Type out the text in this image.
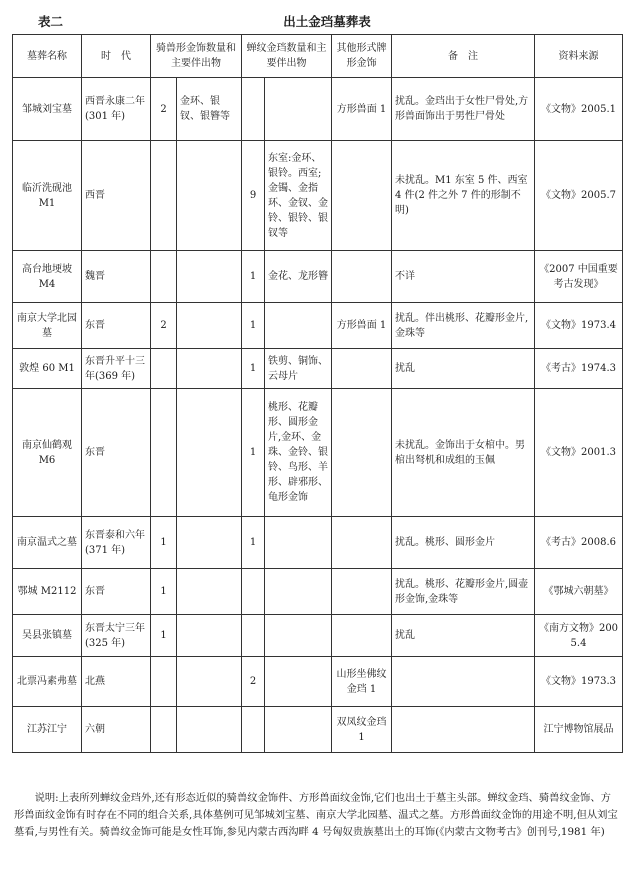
表二	出土金珰墓葬表
墓葬名称	时　代	骑兽形金饰数量和主要伴出物		蝉纹金珰数量和主要伴出物		其他形式牌形金饰	备　注	资料来源
邹城刘宝墓	西晋永康二年(301 年)	2	金环、银钗、银簪等			方形兽面 1	扰乱。金珰出于女性尸骨处,方形兽面饰出于男性尸骨处	《文物》2005.1
临沂洗砚池 M1	西晋			9	东室:金环、银铃。西室;金镯、金指环、金钗、金铃、银铃、银钗等		未扰乱。M1 东室 5 件、西室 4 件(2 件之外 7 件的形制不明)	《文物》2005.7
高台地埂坡 M4	魏晋			1	金花、龙形簪		不详	《2007 中国重要考古发现》
南京大学北园墓	东晋	2		1		方形兽面 1	扰乱。伴出桃形、花瓣形金片,金珠等	《文物》1973.4
敦煌 60 M1	东晋升平十三年(369 年)			1	铁剪、铜饰、云母片		扰乱	《考古》1974.3
南京仙鹤观 M6	东晋			1	桃形、花瓣形、圆形金片,金环、金珠、金铃、银铃、鸟形、羊形、辟邪形、龟形金饰		未扰乱。金饰出于女棺中。男棺出弩机和成组的玉佩	《文物》2001.3
南京温式之墓	东晋泰和六年(371 年)	1		1			扰乱。桃形、圆形金片	《考古》2008.6
鄂城 M2112	东晋	1					扰乱。桃形、花瓣形金片,圆壶形金饰,金珠等	《鄂城六朝墓》
吴县张镇墓	东晋太宁三年(325 年)	1					扰乱	《南方文物》2005.4
北票冯素弗墓	北燕			2		山形坐佛纹金珰 1		《文物》1973.3
江苏江宁	六朝					双凤纹金珰 1		江宁博物馆展品
说明:上表所列蝉纹金珰外,还有形态近似的骑兽纹金饰件、方形兽面纹金饰,它们也出土于墓主头部。蝉纹金珰、骑兽纹金饰、方形兽面纹金饰有时存在不同的组合关系,具体墓例可见邹城刘宝墓、南京大学北园墓、温式之墓。方形兽面纹金饰的用途不明,但从刘宝墓看,与男性有关。骑兽纹金饰可能是女性耳饰,参见内蒙古西沟畔 4 号匈奴贵族墓出土的耳饰(《内蒙古文物考古》创刊号,1981 年)
